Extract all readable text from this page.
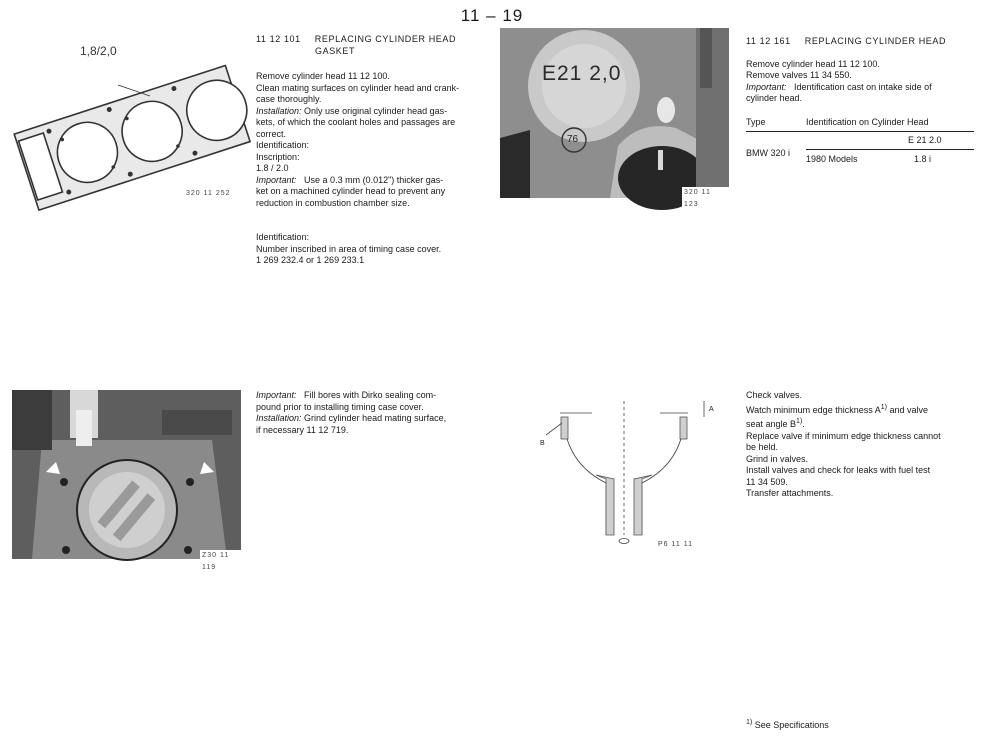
11 – 19
1,8/2,0
320 11 252
11 12 101 REPLACING CYLINDER HEAD
GASKET

Remove cylinder head 11 12 100.

Clean mating surfaces on cylinder head and crank-

case thoroughly.

Installation: Only use original cylinder head gas-

kets, of which the coolant holes and passages are

correct.

Identification:

Inscription:

1.8 / 2.0

Important: Use a 0.3 mm (0.012") thicker gas-

ket on a machined cylinder head to prevent any

reduction in combustion chamber size.

Identification:

Number inscribed in area of timing case cover.

1 269 232.4 or 1 269 233.1

E21 2,0
76
320 11 123
11 12 161 REPLACING CYLINDER HEAD

Remove cylinder head 11 12 100.

Remove valves 11 34 550.

Important: Identification cast on intake side of

cylinder head.

Type	Identification on Cylinder Head
BMW 320 i	E 21 2.0
	1980 Models 1.8 i
Z30 11 119

Important: Fill bores with Dirko sealing com-

pound prior to installing timing case cover.

Installation: Grind cylinder head mating surface,

if necessary 11 12 719.

A
B
P6 11 11

Check valves.

Watch minimum edge thickness $A^{1)}$ and valve

seat angle $B^{1)}$.

Replace valve if minimum edge thickness cannot

be held.

Grind in valves.

Install valves and check for leaks with fuel test

11 34 509.

Transfer attachments.

$^{1)}$ See Specifications
